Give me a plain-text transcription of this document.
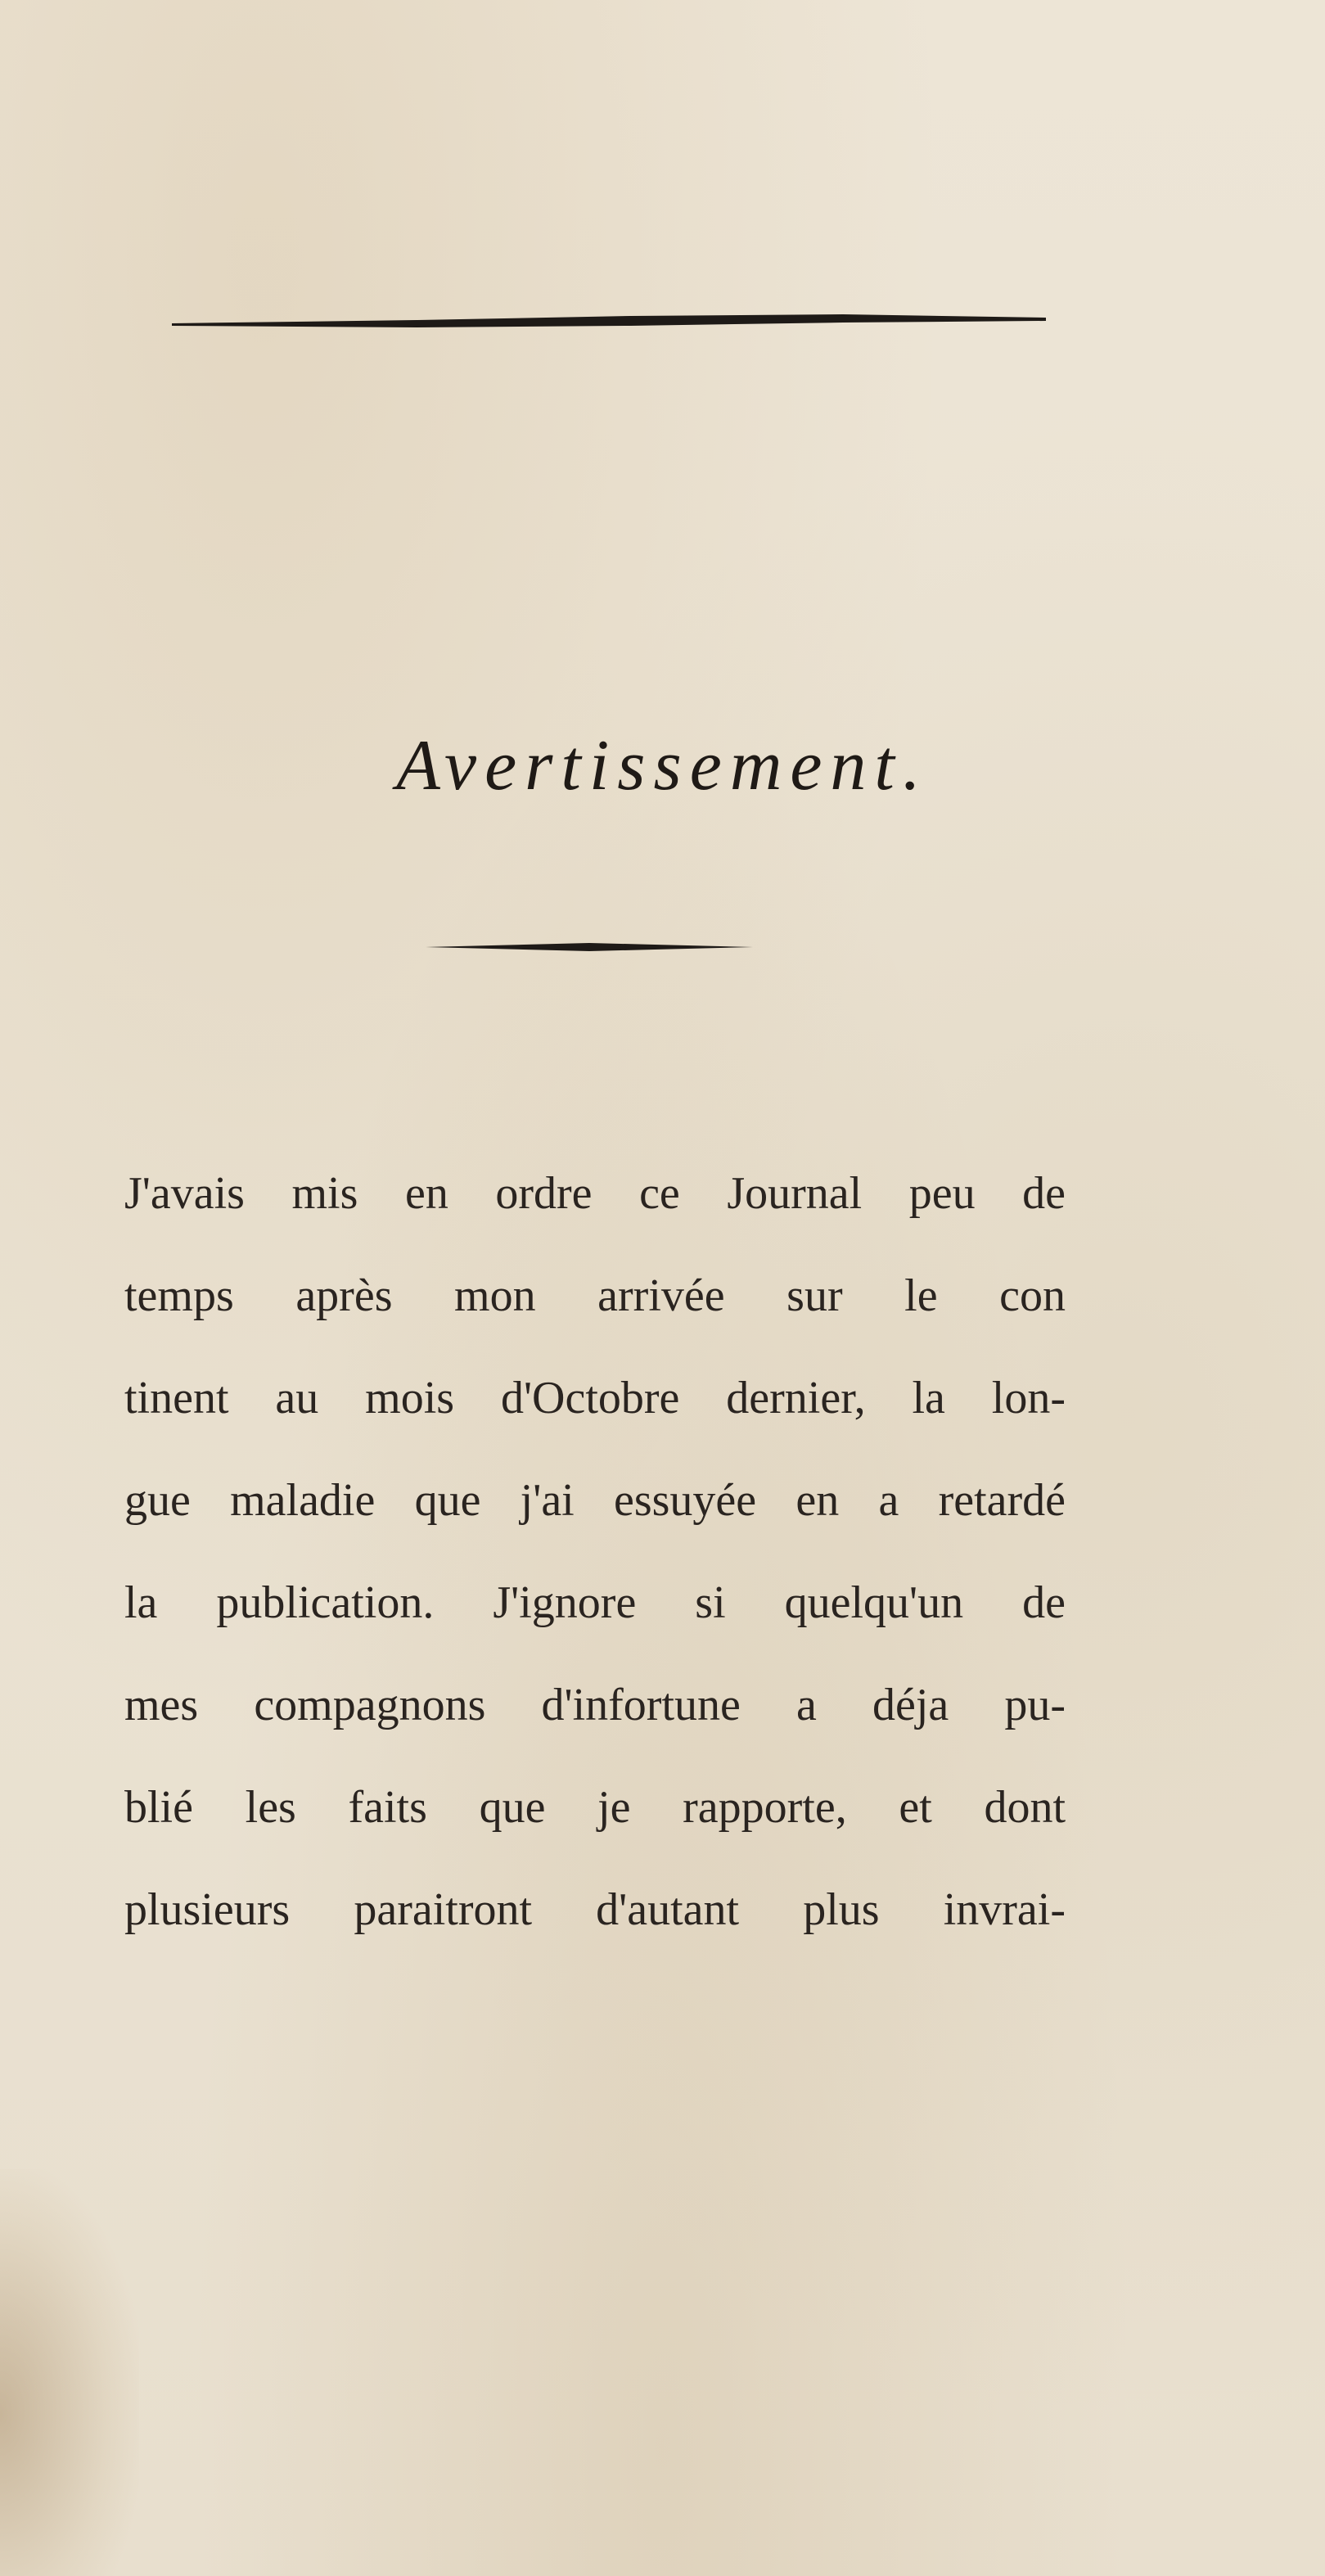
Avertissement.
J'avais mis en ordre ce Journal peu de
temps après mon arrivée sur le con
tinent au mois d'Octobre dernier, la lon-
gue maladie que j'ai essuyée en a retardé
la publication. J'ignore si quelqu'un de
mes compagnons d'infortune a déja pu-
blié les faits que je rapporte, et dont
plusieurs paraitront d'autant plus invrai-
